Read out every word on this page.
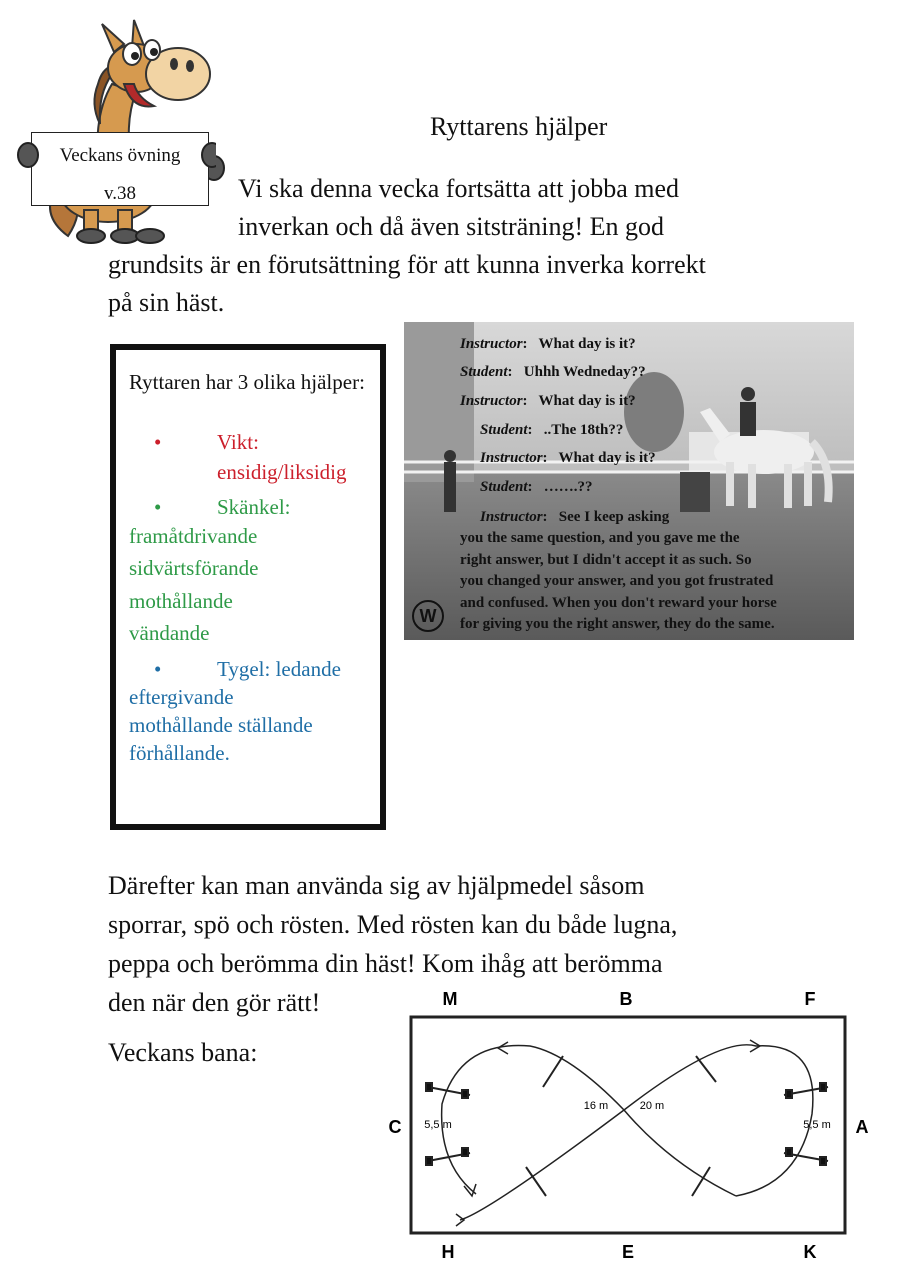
Veckans övning
v.38
Ryttarens hjälper
Vi ska denna vecka fortsätta att jobba med
inverkan och då även sitsträning! En god
grundsits är en förutsättning för att kunna inverka korrekt
på sin häst.
Ryttaren har 3 olika hjälper:
•	Vikt:
ensidig/liksidig
•	Skänkel:
framåtdrivande
sidvärtsförande
mothållande
vändande
•	Tygel: ledande
eftergivande
mothållande ställande
förhållande.
Instructor:   What day is it?
Student:   Uhhh Wedneday??
Instructor:   What day is it?
Student:   ..The 18th??
Instructor:   What day is it?
Student:   …….??
Instructor:   See I keep asking
you the same question, and you gave me the
right answer, but I didn't accept it as such. So
you changed your answer, and you got frustrated
and confused. When you don't reward your horse
for giving you the right answer, they do the same.
W
Därefter kan man använda sig av hjälpmedel såsom
sporrar, spö och rösten. Med rösten kan du både lugna,
peppa och berömma din häst! Kom ihåg att berömma
den när den gör rätt!
Veckans bana:
M	B	F
H	E	K
C	A
5,5 m	5,5 m
16 m	20 m
